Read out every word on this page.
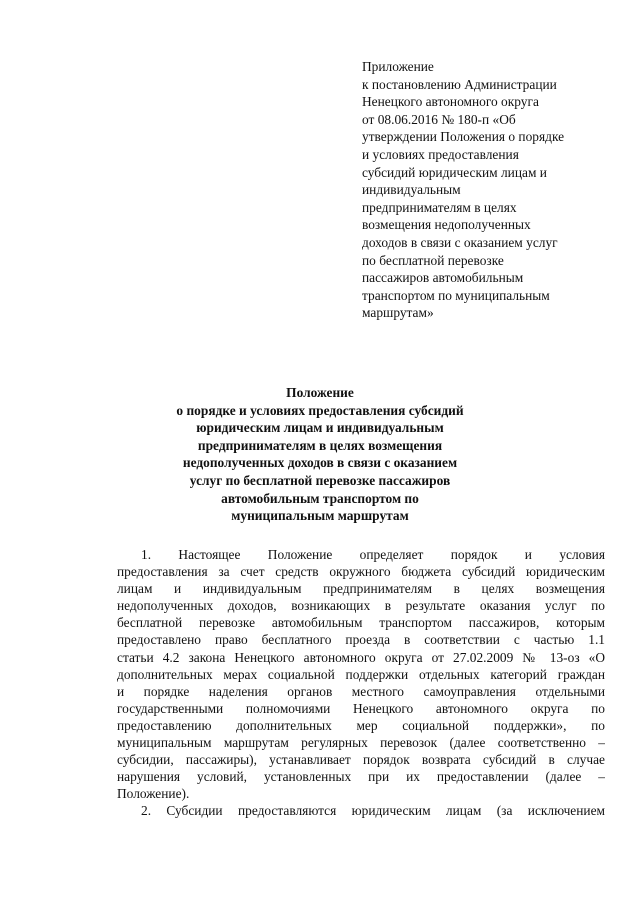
Приложение
к постановлению Администрации
Ненецкого автономного округа
от 08.06.2016 № 180-п «Об
утверждении Положения о порядке
и условиях предоставления
субсидий юридическим лицам и
индивидуальным
предпринимателям в целях
возмещения недополученных
доходов в связи с оказанием услуг
по бесплатной перевозке
пассажиров автомобильным
транспортом по муниципальным
маршрутам»
Положение
о порядке и условиях предоставления субсидий
юридическим лицам и индивидуальным
предпринимателям в целях возмещения
недополученных доходов в связи с оказанием
услуг по бесплатной перевозке пассажиров
автомобильным транспортом по
муниципальным маршрутам
1. Настоящее Положение определяет порядок и условия
предоставления за счет средств окружного бюджета субсидий юридическим
лицам и индивидуальным предпринимателям в целях возмещения
недополученных доходов, возникающих в результате оказания услуг по
бесплатной перевозке автомобильным транспортом пассажиров, которым
предоставлено право бесплатного проезда в соответствии с частью 1.1
статьи 4.2 закона Ненецкого автономного округа от 27.02.2009 № 13-оз «О
дополнительных мерах социальной поддержки отдельных категорий граждан
и порядке наделения органов местного самоуправления отдельными
государственными полномочиями Ненецкого автономного округа по
предоставлению дополнительных мер социальной поддержки», по
муниципальным маршрутам регулярных перевозок (далее соответственно –
субсидии, пассажиры), устанавливает порядок возврата субсидий в случае
нарушения условий, установленных при их предоставлении (далее –
Положение).
2. Субсидии предоставляются юридическим лицам (за исключением
